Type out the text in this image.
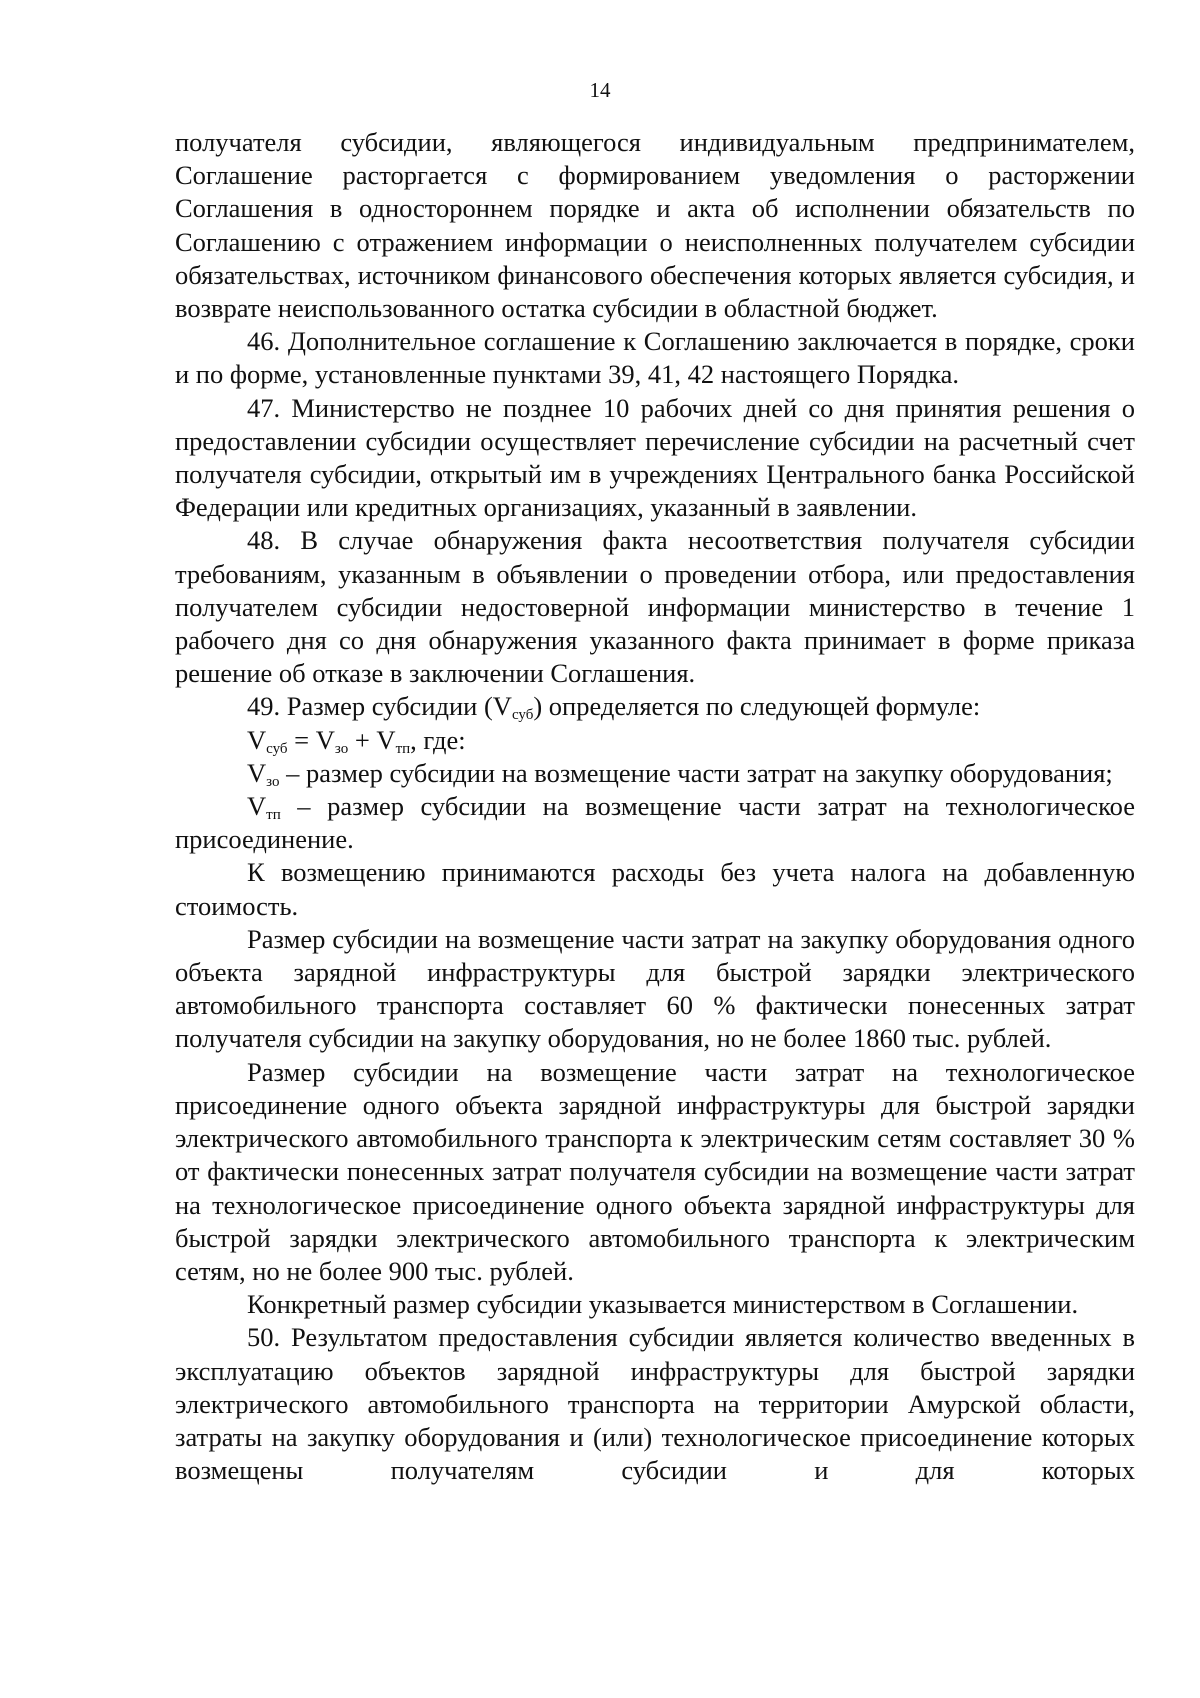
14

получателя субсидии, являющегося индивидуальным предпринимателем, Соглашение расторгается с формированием уведомления о расторжении Соглашения в одностороннем порядке и акта об исполнении обязательств по Соглашению с отражением информации о неисполненных получателем субсидии обязательствах, источником финансового обеспечения которых является субсидия, и возврате неиспользованного остатка субсидии в областной бюджет.

46. Дополнительное соглашение к Соглашению заключается в порядке, сроки и по форме, установленные пунктами 39, 41, 42 настоящего Порядка.

47. Министерство не позднее 10 рабочих дней со дня принятия решения о предоставлении субсидии осуществляет перечисление субсидии на расчетный счет получателя субсидии, открытый им в учреждениях Центрального банка Российской Федерации или кредитных организациях, указанный в заявлении.

48. В случае обнаружения факта несоответствия получателя субсидии требованиям, указанным в объявлении о проведении отбора, или предоставления получателем субсидии недостоверной информации министерство в течение 1 рабочего дня со дня обнаружения указанного факта принимает в форме приказа решение об отказе в заключении Соглашения.

49. Размер субсидии $(V_{суб})$ определяется по следующей формуле:

$V_{суб} = V_{зо} + V_{тп}$, где:

$V_{зо}$ – размер субсидии на возмещение части затрат на закупку оборудования;

$V_{тп}$ – размер субсидии на возмещение части затрат на технологическое присоединение.

К возмещению принимаются расходы без учета налога на добавленную стоимость.

Размер субсидии на возмещение части затрат на закупку оборудования одного объекта зарядной инфраструктуры для быстрой зарядки электрического автомобильного транспорта составляет 60 % фактически понесенных затрат получателя субсидии на закупку оборудования, но не более 1860 тыс. рублей.

Размер субсидии на возмещение части затрат на технологическое присоединение одного объекта зарядной инфраструктуры для быстрой зарядки электрического автомобильного транспорта к электрическим сетям составляет 30 % от фактически понесенных затрат получателя субсидии на возмещение части затрат на технологическое присоединение одного объекта зарядной инфраструктуры для быстрой зарядки электрического автомобильного транспорта к электрическим сетям, но не более 900 тыс. рублей.

Конкретный размер субсидии указывается министерством в Соглашении.

50. Результатом предоставления субсидии является количество введенных в эксплуатацию объектов зарядной инфраструктуры для быстрой зарядки электрического автомобильного транспорта на территории Амурской области, затраты на закупку оборудования и (или) технологическое присоединение которых возмещены получателям субсидии и для которых
